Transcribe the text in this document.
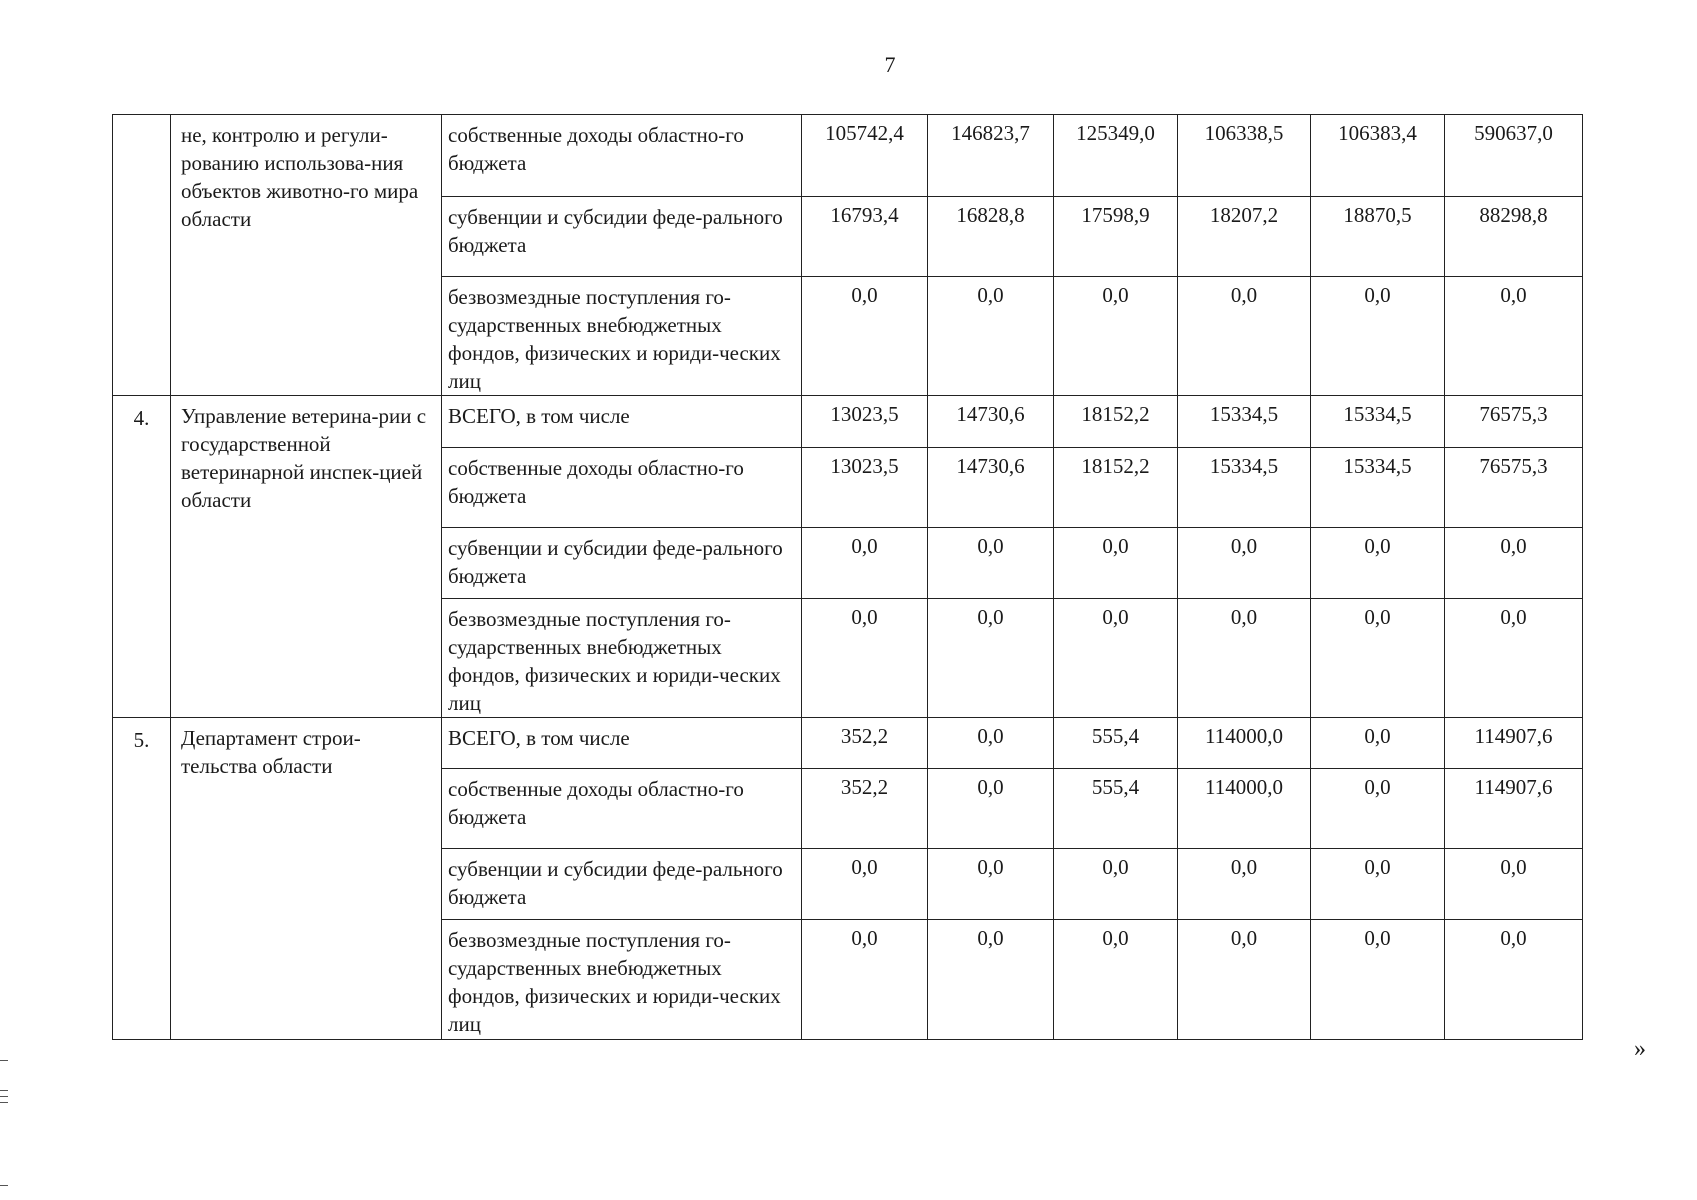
7
	не, контролю и регули-рованию использова-ния объектов животно-го мира области	собственные доходы областно-го бюджета	105742,4	146823,7	125349,0	106338,5	106383,4	590637,0
		субвенции и субсидии феде-рального бюджета	16793,4	16828,8	17598,9	18207,2	18870,5	88298,8
		безвозмездные поступления го-сударственных внебюджетных фондов, физических и юриди-ческих лиц	0,0	0,0	0,0	0,0	0,0	0,0
4.	Управление ветерина-рии с государственной ветеринарной инспек-цией области	ВСЕГО, в том числе	13023,5	14730,6	18152,2	15334,5	15334,5	76575,3
		собственные доходы областно-го бюджета	13023,5	14730,6	18152,2	15334,5	15334,5	76575,3
		субвенции и субсидии феде-рального бюджета	0,0	0,0	0,0	0,0	0,0	0,0
		безвозмездные поступления го-сударственных внебюджетных фондов, физических и юриди-ческих лиц	0,0	0,0	0,0	0,0	0,0	0,0
5.	Департамент строи-тельства области	ВСЕГО, в том числе	352,2	0,0	555,4	114000,0	0,0	114907,6
		собственные доходы областно-го бюджета	352,2	0,0	555,4	114000,0	0,0	114907,6
		субвенции и субсидии феде-рального бюджета	0,0	0,0	0,0	0,0	0,0	0,0
		безвозмездные поступления го-сударственных внебюджетных фондов, физических и юриди-ческих лиц	0,0	0,0	0,0	0,0	0,0	0,0
»
